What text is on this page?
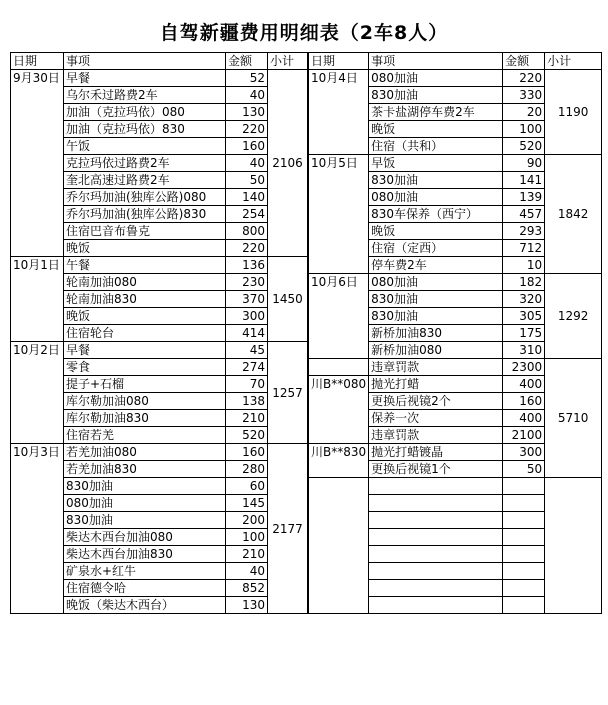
自驾新疆费用明细表（2车8人）
日期	事项	金额	小计
9月30日	早餐	52	2106
	乌尔禾过路费2车	40	
	加油（克拉玛依）080	130	
	加油（克拉玛依）830	220	
	午饭	160	
	克拉玛依过路费2车	40	
	奎北高速过路费2车	50	
	乔尔玛加油(独库公路)080	140	
	乔尔玛加油(独库公路)830	254	
	住宿巴音布鲁克	800	
	晚饭	220	
10月1日	午餐	136	1450
	轮南加油080	230	
	轮南加油830	370	
	晚饭	300	
	住宿轮台	414	
10月2日	早餐	45	1257
	零食	274	
	提子+石榴	70	
	库尔勒加油080	138	
	库尔勒加油830	210	
	住宿若羌	520	
10月3日	若羌加油080	160	2177
	若羌加油830	280	
	830加油	60	
	080加油	145	
	830加油	200	
	柴达木西台加油080	100	
	柴达木西台加油830	210	
	矿泉水+红牛	40	
	住宿德令哈	852	
	晚饭（柴达木西台）	130	
日期	事项	金额	小计
10月4日	080加油	220	1190
	830加油	330	
	茶卡盐湖停车费2车	20	
	晚饭	100	
	住宿（共和）	520	
10月5日	早饭	90	1842
	830加油	141	
	080加油	139	
	830车保养（西宁）	457	
	晚饭	293	
	住宿（定西）	712	
	停车费2车	10	
10月6日	080加油	182	1292
	830加油	320	
	830加油	305	
	新桥加油830	175	
	新桥加油080	310	
	违章罚款	2300	5710
川B**080	抛光打蜡	400	
	更换后视镜2个	160	
	保养一次	400	
	违章罚款	2100	
川B**830	抛光打蜡镀晶	300	
	更换后视镜1个	50	
